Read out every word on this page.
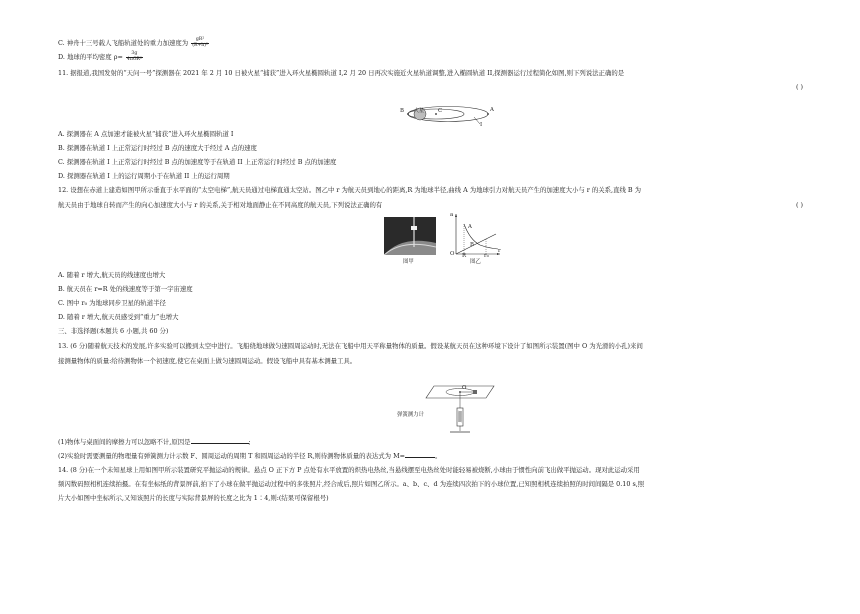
C. 神舟十三号载人飞船轨道处的重力加速度为 $\frac{\text{gR²}}{\text{(R+h)²}}$
D. 地球的平均密度 $\rho= \frac{3g}{\text{4πGR²}}$
11. 据报道,我国发射的“天问一号”探测器在 2021 年 2 月 10 日被火星“捕获”进入环火星椭圆轨道 I,2 月 20 日再次实施近火星轨道调整,进入椭圆轨道 II,探测器运行过程简化如图,则下列说法正确的是
( )
B 火星	C	A
I
A. 探测器在 A 点加速才能被火星“捕获”进入环火星椭圆轨道 I
B. 探测器在轨道 I 上正常运行时经过 B 点的速度大于经过 A 点的速度
C. 探测器在轨道 I 上正常运行时经过 B 点的加速度等于在轨道 II 上正常运行时经过 B 点的加速度
D. 探测器在轨道 I 上的运行周期小于在轨道 II 上的运行周期
12. 设想在赤道上建造如图甲所示垂直于水平面的“太空电梯”,航天员通过电梯直通太空站。图乙中 r 为航天员到地心的距离,R 为地球半径,曲线 A 为地球引力对航天员产生的加速度大小与 r 的关系,直线 B 为
航天员由于地球自转而产生的向心加速度大小与 r 的关系,关于相对地面静止在不同高度的航天员,下列说法正确的有	( )
图甲
a
r
A
B
O R	r₀
图乙
A. 随着 r 增大,航天员的线速度也增大
B. 航天员在 r=R 处的线速度等于第一宇宙速度
C. 图中 r₀ 为地球同步卫星的轨道半径
D. 随着 r 增大,航天员感受到“重力”也增大
三、非选择题(本题共 6 小题,共 60 分)
13. (6 分)随着航天技术的发展,许多实验可以搬到太空中进行。飞船绕地球做匀速圆周运动时,无法在飞船中用天平称量物体的质量。假设某航天员在这种环境下设计了如图所示装置(图中 O 为光滑的小孔)来间
接测量物体的质量:给待测物体一个初速度,使它在桌面上做匀速圆周运动。假设飞船中具有基本测量工具。
O
弹簧测力计
(1)物体与桌面间的摩擦力可以忽略不计,原因是	;
(2)实验时需要测量的物理量有弹簧测力计示数 F、圆周运动的周期 T 和圆周运动的半径 R,则待测物体质量的表达式为 M=	。
14. (8 分)在一个未知星球上用如图甲所示装置研究平抛运动的规律。悬点 O 正下方 P 点处有水平放置的炽热电热丝,当悬线摆至电热丝处时能轻易被烧断,小球由于惯性向前飞出做平抛运动。现对此运动采用
频闪数码照相机连续拍摄。在有坐标纸的背景屏前,拍下了小球在做平抛运动过程中的多张照片,经合成后,照片如图乙所示。a、b、c、d 为连续四次拍下的小球位置,已知照相机连续拍照的时间间隔是 0.10 s,照
片大小如图中坐标所示,又知该照片的长度与实际背景屏的长度之比为 1∶4,则:(结果可保留根号)
